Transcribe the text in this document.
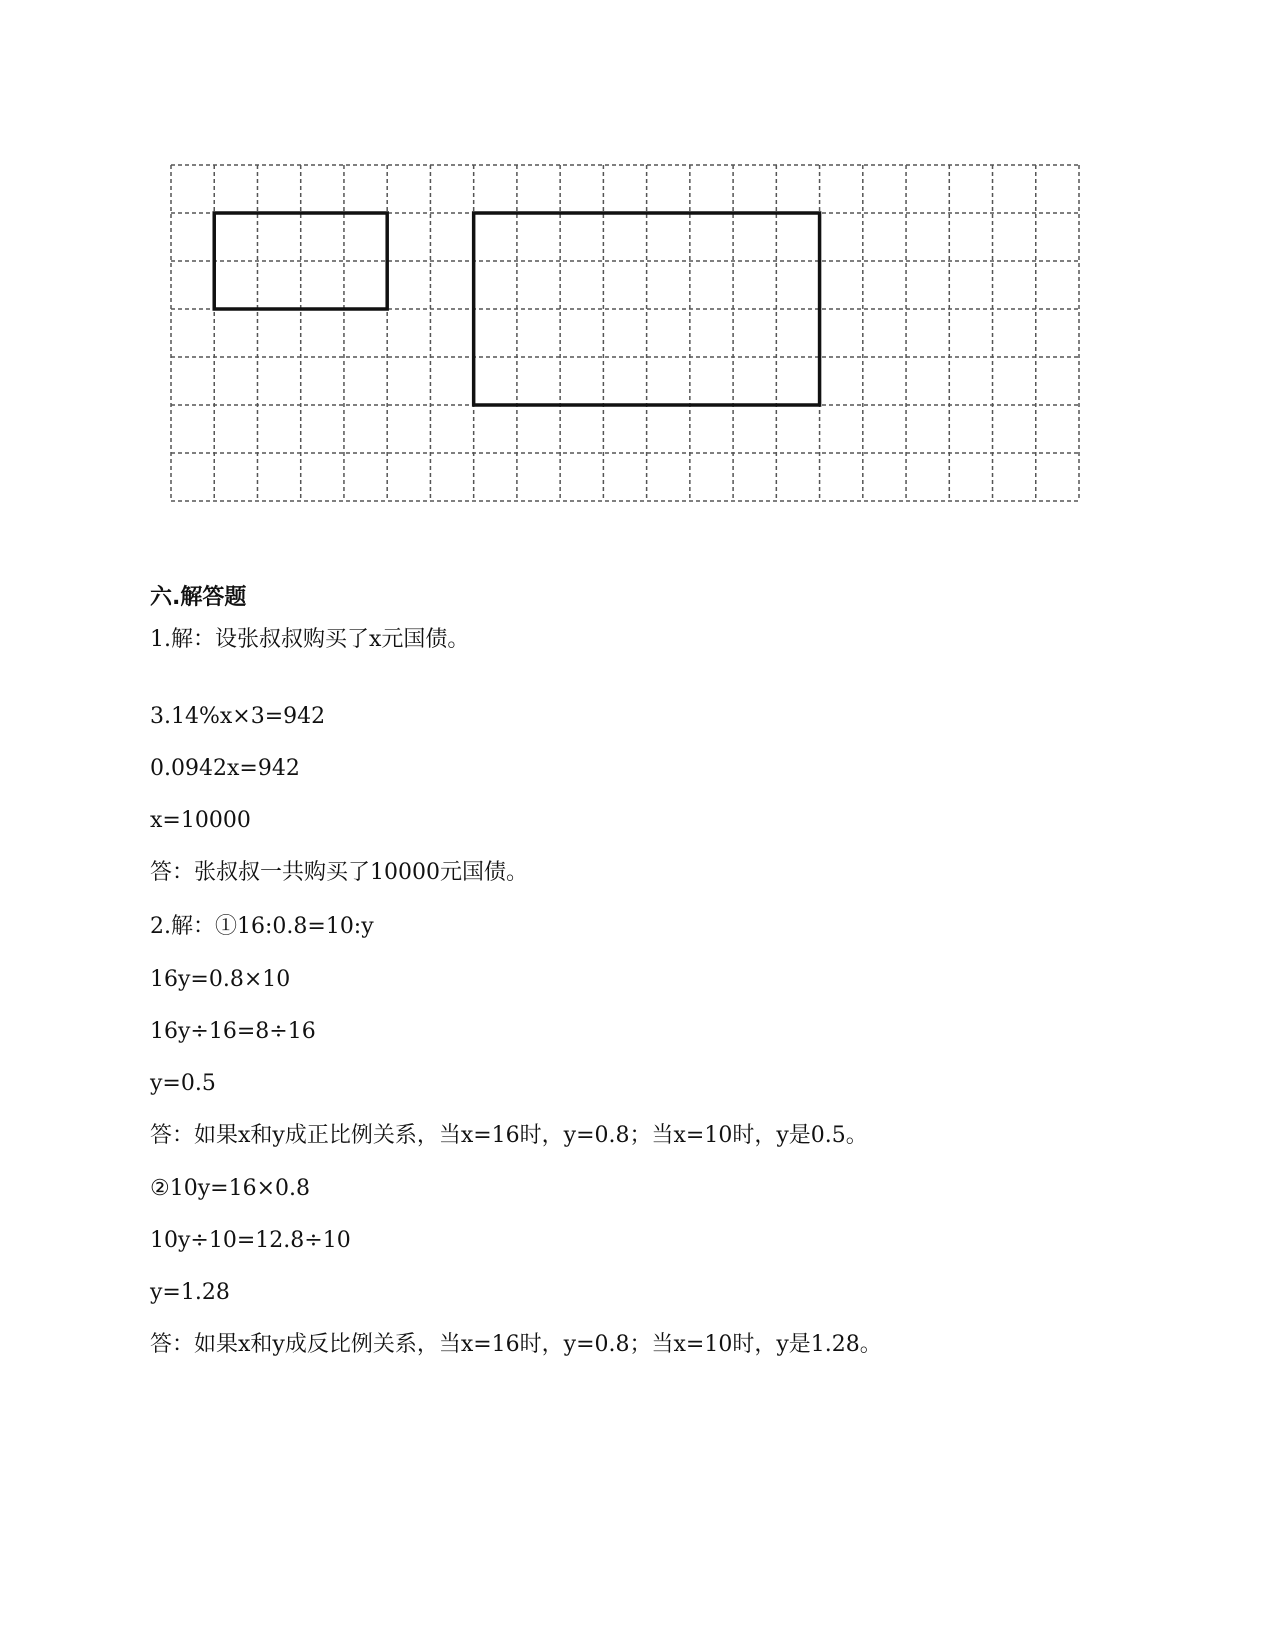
六.解答题

1.解：设张叔叔购买了x元国债。

3.14%x×3=942

0.0942x=942

x=10000

答：张叔叔一共购买了10000元国债。

2.解：①16:0.8=10:y

16y=0.8×10

16y÷16=8÷16

y=0.5

答：如果x和y成正比例关系，当x=16时，y=0.8；当x=10时，y是0.5。

②10y=16×0.8

10y÷10=12.8÷10

y=1.28

答：如果x和y成反比例关系，当x=16时，y=0.8；当x=10时，y是1.28。
